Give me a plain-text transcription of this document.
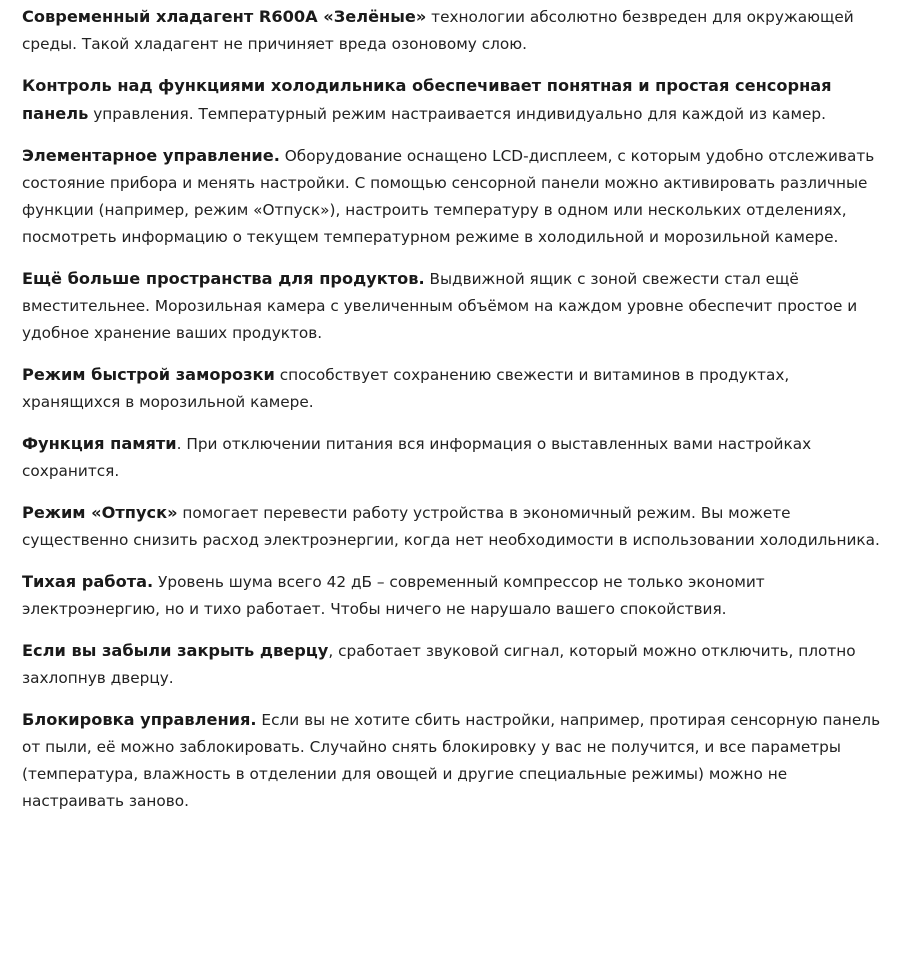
Современный хладагент R600A «Зелёные» технологии абсолютно безвреден для окружающей среды. Такой хладагент не причиняет вреда озоновому слою.

Контроль над функциями холодильника обеспечивает понятная и простая сенсорная панель управления. Температурный режим настраивается индивидуально для каждой из камер.

Элементарное управление. Оборудование оснащено LCD-дисплеем, с которым удобно отслеживать состояние прибора и менять настройки. С помощью сенсорной панели можно активировать различные функции (например, режим «Отпуск»), настроить температуру в одном или нескольких отделениях, посмотреть информацию о текущем температурном режиме в холодильной и морозильной камере.

Ещё больше пространства для продуктов. Выдвижной ящик с зоной свежести стал ещё вместительнее. Морозильная камера с увеличенным объёмом на каждом уровне обеспечит простое и удобное хранение ваших продуктов.

Режим быстрой заморозки способствует сохранению свежести и витаминов в продуктах, хранящихся в морозильной камере.

Функция памяти. При отключении питания вся информация о выставленных вами настройках сохранится.

Режим «Отпуск» помогает перевести работу устройства в экономичный режим. Вы можете существенно снизить расход электроэнергии, когда нет необходимости в использовании холодильника.

Тихая работа. Уровень шума всего 42 дБ – современный компрессор не только экономит электроэнергию, но и тихо работает. Чтобы ничего не нарушало вашего спокойствия.

Если вы забыли закрыть дверцу, сработает звуковой сигнал, который можно отключить, плотно захлопнув дверцу.

Блокировка управления. Если вы не хотите сбить настройки, например, протирая сенсорную панель от пыли, её можно заблокировать. Случайно снять блокировку у вас не получится, и все параметры (температура, влажность в отделении для овощей и другие специальные режимы) можно не настраивать заново.
